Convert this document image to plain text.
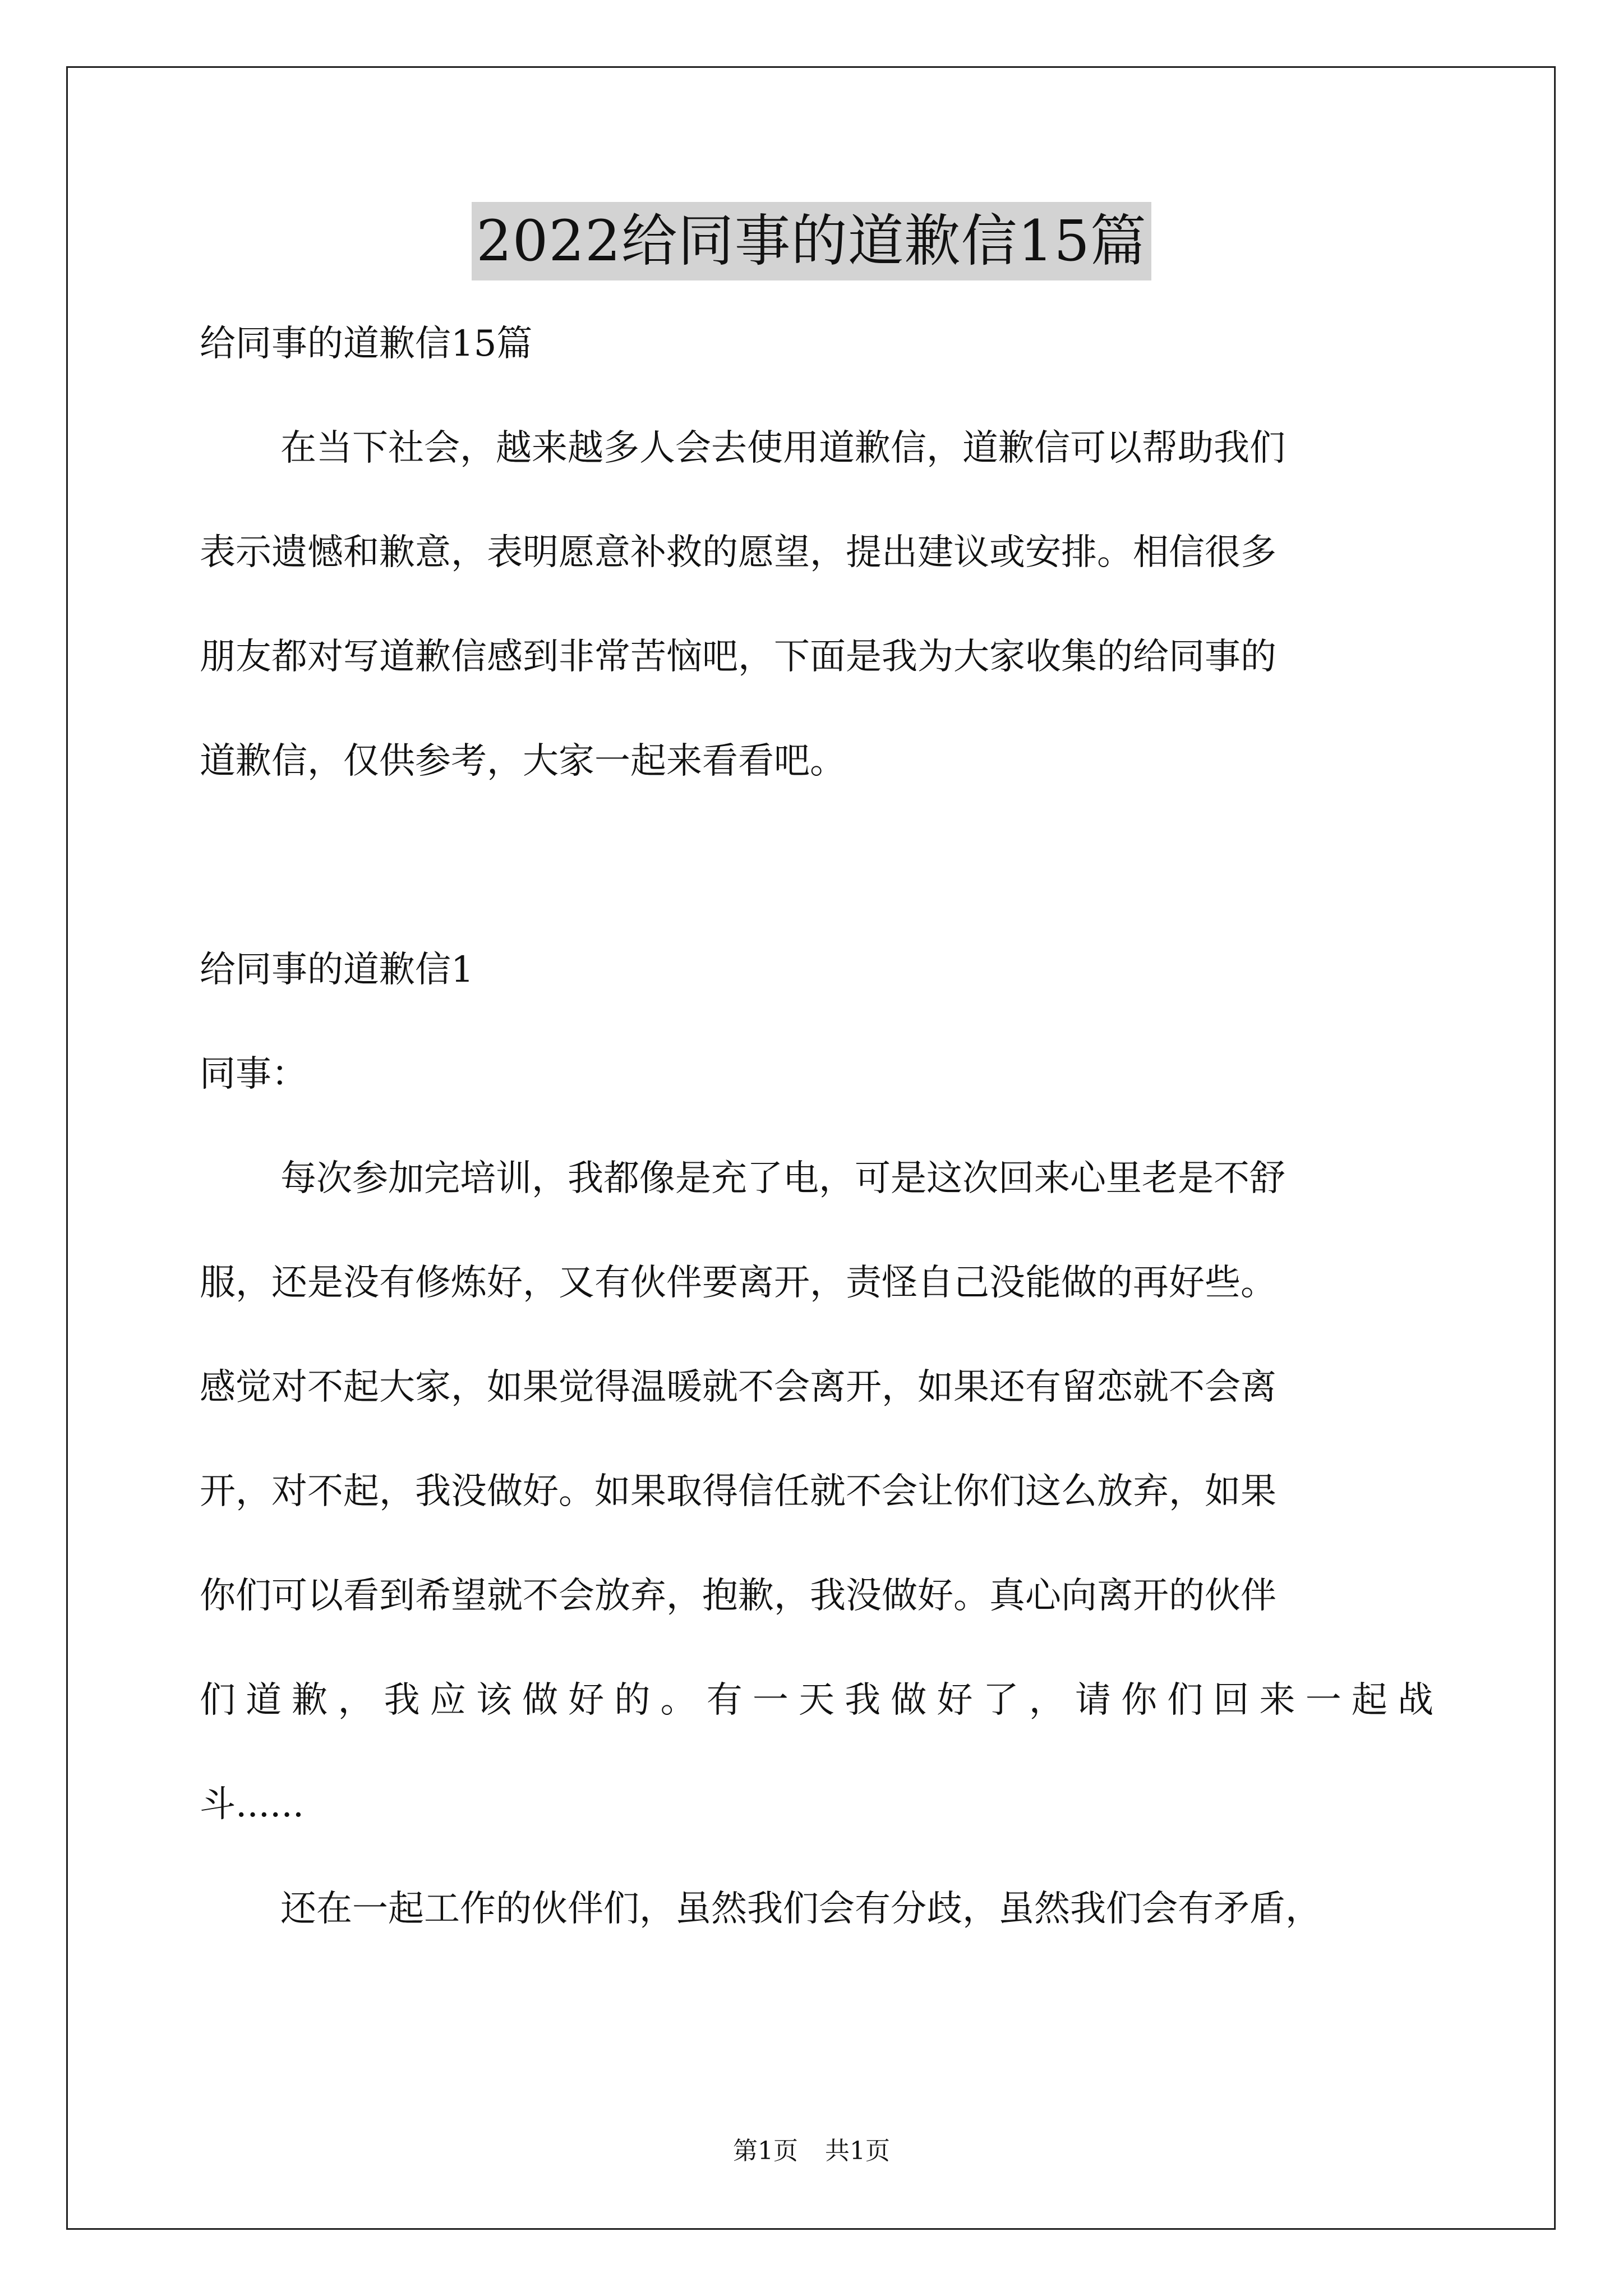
2022给同事的道歉信15篇
给同事的道歉信15篇
在当下社会，越来越多人会去使用道歉信，道歉信可以帮助我们
表示遗憾和歉意，表明愿意补救的愿望，提出建议或安排。相信很多
朋友都对写道歉信感到非常苦恼吧，下面是我为大家收集的给同事的
道歉信，仅供参考，大家一起来看看吧。
给同事的道歉信1
同事：
每次参加完培训，我都像是充了电，可是这次回来心里老是不舒
服，还是没有修炼好，又有伙伴要离开，责怪自己没能做的再好些。
感觉对不起大家，如果觉得温暖就不会离开，如果还有留恋就不会离
开，对不起，我没做好。如果取得信任就不会让你们这么放弃，如果
你们可以看到希望就不会放弃，抱歉，我没做好。真心向离开的伙伴
们道歉，我应该做好的。有一天我做好了，请你们回来一起战
斗......
还在一起工作的伙伴们，虽然我们会有分歧，虽然我们会有矛盾，
第1页 共1页
